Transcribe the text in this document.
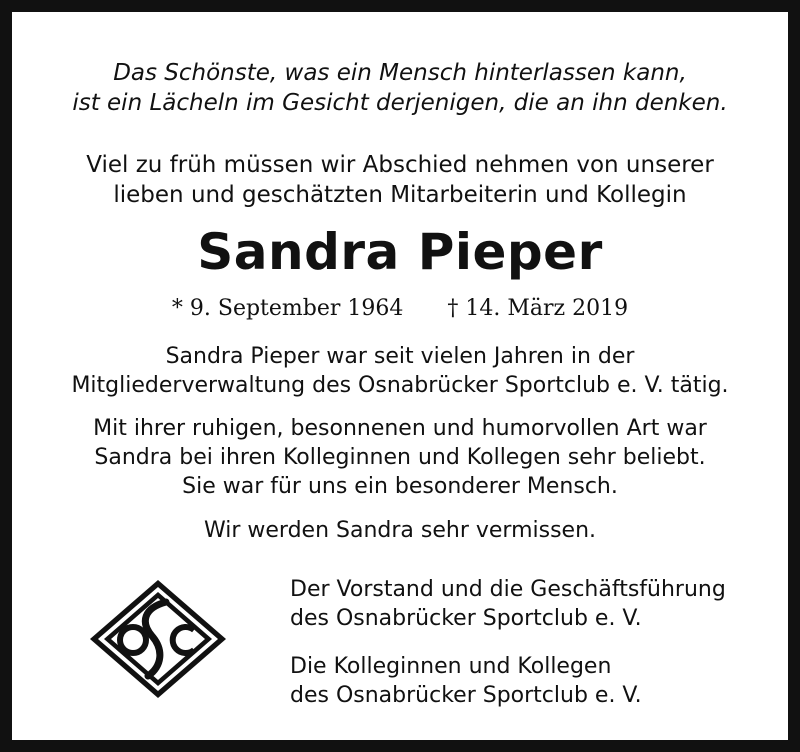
Das Schönste, was ein Mensch hinterlassen kann,
ist ein Lächeln im Gesicht derjenigen, die an ihn denken.
Viel zu früh müssen wir Abschied nehmen von unserer
lieben und geschätzten Mitarbeiterin und Kollegin
Sandra Pieper
* 9. September 1964 † 14. März 2019
Sandra Pieper war seit vielen Jahren in der
Mitgliederverwaltung des Osnabrücker Sportclub e. V. tätig.
Mit ihrer ruhigen, besonnenen und humorvollen Art war
Sandra bei ihren Kolleginnen und Kollegen sehr beliebt.
Sie war für uns ein besonderer Mensch.
Wir werden Sandra sehr vermissen.
Der Vorstand und die Geschäftsführung
des Osnabrücker Sportclub e. V.
Die Kolleginnen und Kollegen
des Osnabrücker Sportclub e. V.
